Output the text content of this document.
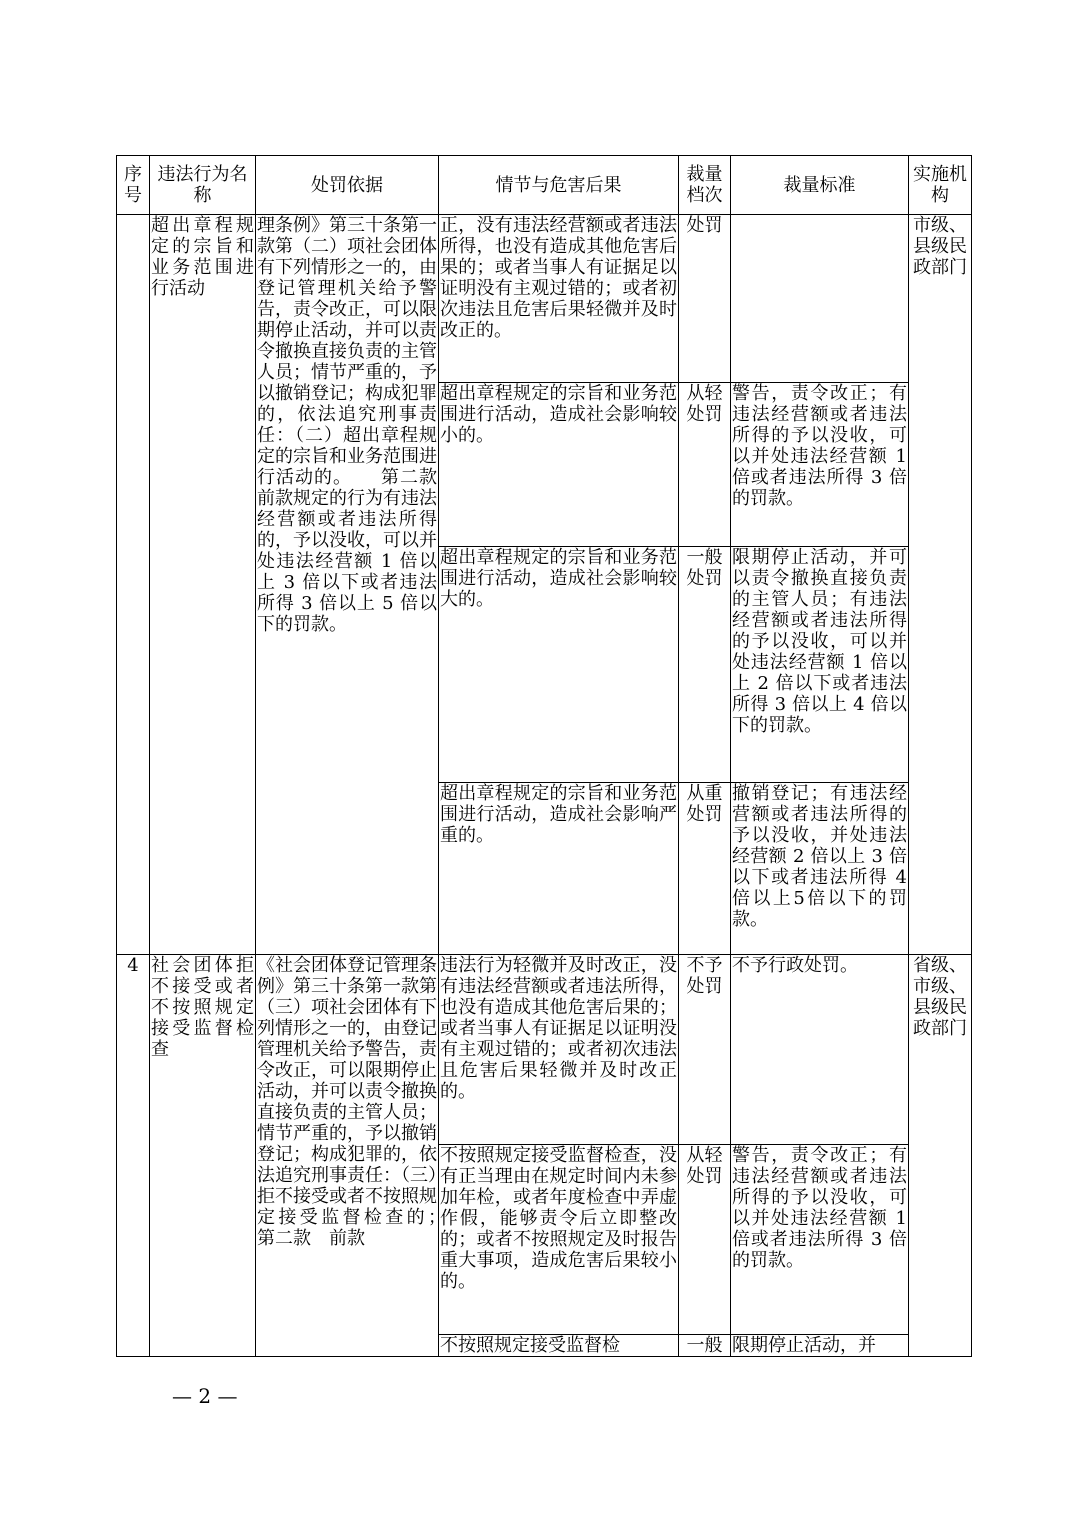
序号	违法行为名称	处罚依据	情节与危害后果	裁量档次	裁量标准	实施机构
	超出章程规定的宗旨和业务范围进行活动	理条例》第三十条第一款第（二）项社会团体有下列情形之一的，由登记管理机关给予警告，责令改正，可以限期停止活动，并可以责令撤换直接负责的主管人员；情节严重的，予以撤销登记；构成犯罪的，依法追究刑事责任：（二）超出章程规定的宗旨和业务范围进行活动的。　　第二款　前款规定的行为有违法经营额或者违法所得的，予以没收，可以并处违法经营额 1 倍以上 3 倍以下或者违法所得 3 倍以上 5 倍以下的罚款。	正，没有违法经营额或者违法所得，也没有造成其他危害后果的；或者当事人有证据足以证明没有主观过错的；或者初次违法且危害后果轻微并及时改正的。	处罚		市级、县级民政部门
			超出章程规定的宗旨和业务范围进行活动，造成社会影响较小的。	从轻处罚	警告，责令改正；有违法经营额或者违法所得的予以没收，可以并处违法经营额 1 倍或者违法所得 3 倍的罚款。	
			超出章程规定的宗旨和业务范围进行活动，造成社会影响较大的。	一般处罚	限期停止活动，并可以责令撤换直接负责的主管人员；有违法经营额或者违法所得的予以没收，可以并处违法经营额 1 倍以上 2 倍以下或者违法所得 3 倍以上 4 倍以下的罚款。	
			超出章程规定的宗旨和业务范围进行活动，造成社会影响严重的。	从重处罚	撤销登记；有违法经营额或者违法所得的予以没收，并处违法经营额 2 倍以上 3 倍以下或者违法所得 4 倍以上5倍以下的罚款。	
4	社会团体拒不接受或者不按照规定接受监督检查	《社会团体登记管理条例》第三十条第一款第（三）项社会团体有下列情形之一的，由登记管理机关给予警告，责令改正，可以限期停止活动，并可以责令撤换直接负责的主管人员；情节严重的，予以撤销登记；构成犯罪的，依法追究刑事责任：（三）拒不接受或者不按照规定接受监督检查的；　　第二款　前款	违法行为轻微并及时改正，没有违法经营额或者违法所得，也没有造成其他危害后果的；或者当事人有证据足以证明没有主观过错的；或者初次违法且危害后果轻微并及时改正的。	不予处罚	不予行政处罚。	省级、市级、县级民政部门
			不按照规定接受监督检查，没有正当理由在规定时间内未参加年检，或者年度检查中弄虚作假，能够责令后立即整改的；或者不按照规定及时报告重大事项，造成危害后果较小的。	从轻处罚	警告，责令改正；有违法经营额或者违法所得的予以没收，可以并处违法经营额 1 倍或者违法所得 3 倍的罚款。	
			不按照规定接受监督检	一般	限期停止活动，并	
— 2 —
